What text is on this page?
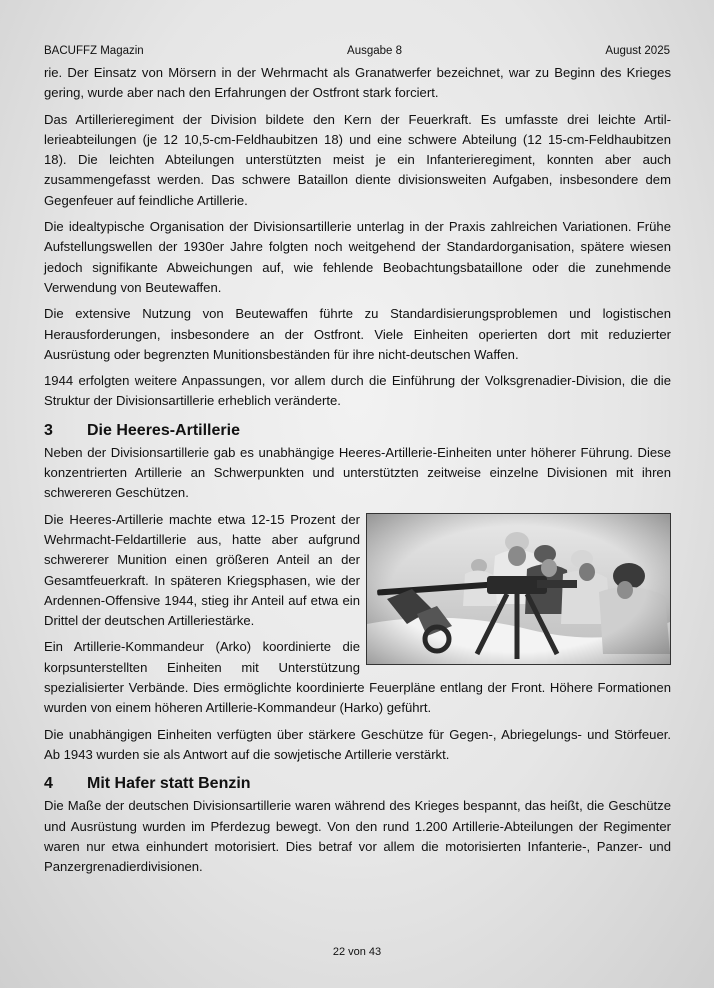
BACUFFZ Magazin	Ausgabe 8	August 2025

rie. Der Einsatz von Mörsern in der Wehrmacht als Granatwerfer bezeichnet, war zu Beginn des Krieges gering, wurde aber nach den Erfahrungen der Ostfront stark forciert.

Das Artillerieregiment der Division bildete den Kern der Feuerkraft. Es umfasste drei leichte Artillerieabteilungen (je 12 10,5-cm-Feldhaubitzen 18) und eine schwere Abteilung (12 15-cm-Feldhaubitzen 18). Die leichten Abteilungen unterstützten meist je ein Infanterieregiment, konnten aber auch zusammengefasst werden. Das schwere Bataillon diente divisionsweiten Aufgaben, insbesondere dem Gegenfeuer auf feindliche Artillerie.

Die idealtypische Organisation der Divisionsartillerie unterlag in der Praxis zahlreichen Variationen. Frühe Aufstellungswellen der 1930er Jahre folgten noch weitgehend der Standardorganisation, spätere wiesen jedoch signifikante Abweichungen auf, wie fehlende Beobachtungsbataillone oder die zunehmende Verwendung von Beutewaffen.

Die extensive Nutzung von Beutewaffen führte zu Standardisierungsproblemen und logistischen Herausforderungen, insbesondere an der Ostfront. Viele Einheiten operierten dort mit reduzierter Ausrüstung oder begrenzten Munitionsbeständen für ihre nicht-deutschen Waffen.

1944 erfolgten weitere Anpassungen, vor allem durch die Einführung der Volksgrenadier-Division, die die Struktur der Divisionsartillerie erheblich veränderte.

3	Die Heeres-Artillerie

Neben der Divisionsartillerie gab es unabhängige Heeres-Artillerie-Einheiten unter höherer Führung. Diese konzentrierten Artillerie an Schwerpunkten und unterstützten zeitweise einzelne Divisionen mit ihren schwereren Geschützen.

Die Heeres-Artillerie machte etwa 12-15 Prozent der Wehrmacht-Feldartillerie aus, hatte aber aufgrund schwererer Munition einen größeren Anteil an der Gesamtfeuerkraft. In späteren Kriegsphasen, wie der Ardennen-Offensive 1944, stieg ihr Anteil auf etwa ein Drittel der deutschen Artilleriestärke.

Ein Artillerie-Kommandeur (Arko) koordinierte die korpsunterstellten Einheiten mit Unterstützung spezialisierter Verbände. Dies ermöglichte koordinierte Feuerpläne entlang der Front. Höhere Formationen wurden von einem höheren Artillerie-Kommandeur (Harko) geführt.

Die unabhängigen Einheiten verfügten über stärkere Geschütze für Gegen-, Abriegelungs- und Störfeuer. Ab 1943 wurden sie als Antwort auf die sowjetische Artillerie verstärkt.

4	Mit Hafer statt Benzin

Die Maße der deutschen Divisionsartillerie waren während des Krieges bespannt, das heißt, die Geschütze und Ausrüstung wurden im Pferdezug bewegt. Von den rund 1.200 Artillerie-Abteilungen der Regimenter waren nur etwa einhundert motorisiert. Dies betraf vor allem die motorisierten Infanterie-, Panzer- und Panzergrenadierdivisionen.

22 von 43
